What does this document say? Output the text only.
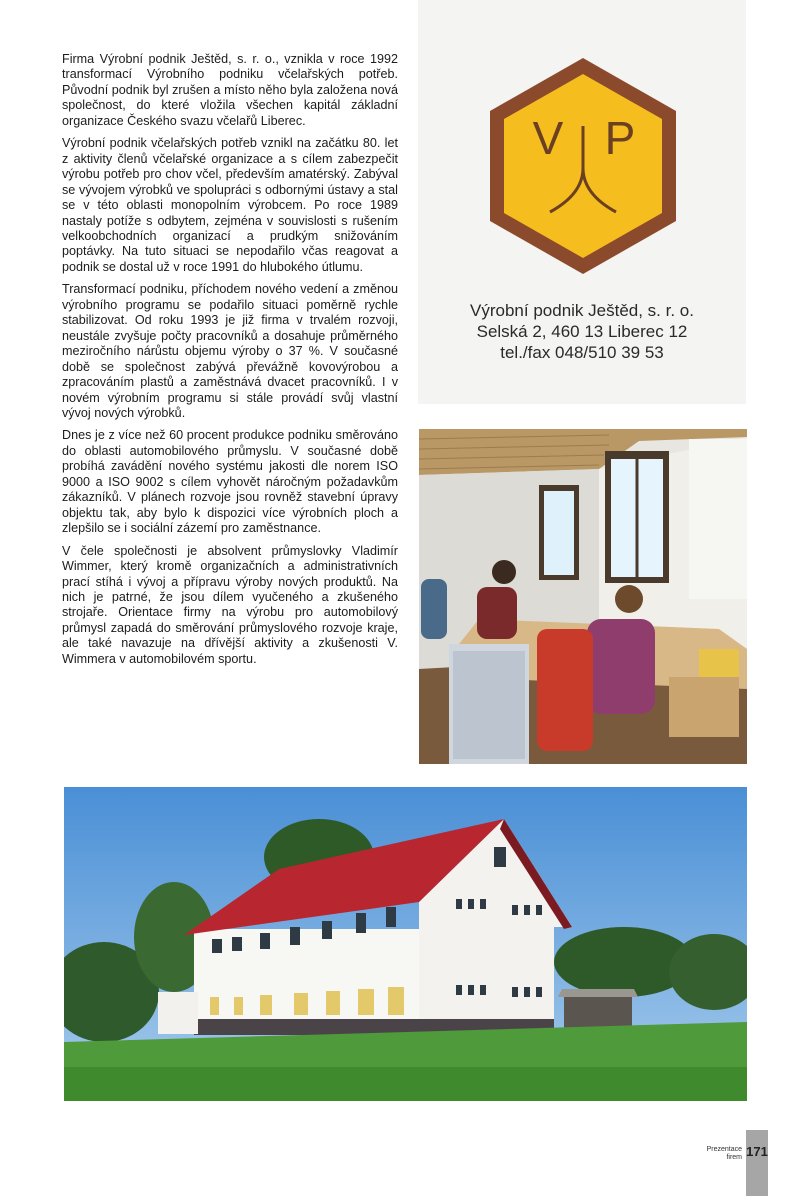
Firma Výrobní podnik Ještěd, s. r. o., vznikla v roce 1992 transformací Výrobního podniku včelařských potřeb. Původní podnik byl zrušen a místo něho byla založena nová společnost, do které vložila všechen kapitál základní organizace Českého svazu včelařů Liberec.

Výrobní podnik včelařských potřeb vznikl na začátku 80. let z aktivity členů včelařské organizace a s cílem zabezpečit výrobu potřeb pro chov včel, především amatérský. Zabýval se vývojem výrobků ve spolupráci s odbornými ústavy a stal se v této oblasti monopolním výrobcem. Po roce 1989 nastaly potíže s odbytem, zejména v souvislosti s rušením velkoobchodních organizací a prudkým snižováním poptávky. Na tuto situaci se nepodařilo včas reagovat a podnik se dostal už v roce 1991 do hlubokého útlumu.

Transformací podniku, příchodem nového vedení a změnou výrobního programu se podařilo situaci poměrně rychle stabilizovat. Od roku 1993 je již firma v trvalém rozvoji, neustále zvyšuje počty pracovníků a dosahuje průměrného meziročního nárůstu objemu výroby o 37 %. V současné době se společnost zabývá převážně kovovýrobou a zpracováním plastů a zaměstnává dvacet pracovníků. I v novém výrobním programu si stále provádí svůj vlastní vývoj nových výrobků.

Dnes je z více než 60 procent produkce podniku směrováno do oblasti automobilového průmyslu. V současné době probíhá zavádění nového systému jakosti dle norem ISO 9000 a ISO 9002 s cílem vyhovět náročným požadavkům zákazníků. V plánech rozvoje jsou rovněž stavební úpravy objektu tak, aby bylo k dispozici více výrobních ploch a zlepšilo se i sociální zázemí pro zaměstnance.

V čele společnosti je absolvent průmyslovky Vladimír Wimmer, který kromě organizačních a administrativních prací stíhá i vývoj a přípravu výroby nových produktů. Na nich je patrné, že jsou dílem vyučeného a zkušeného strojaře. Orientace firmy na výrobu pro automobilový průmysl zapadá do směrování průmyslového rozvoje kraje, ale také navazuje na dřívější aktivity a zkušenosti V. Wimmera v automobilovém sportu.

V P
Výrobní podnik Ještěd, s. r. o.
Selská 2, 460 13 Liberec 12
tel./fax 048/510 39 53
Prezentace
firem 171
